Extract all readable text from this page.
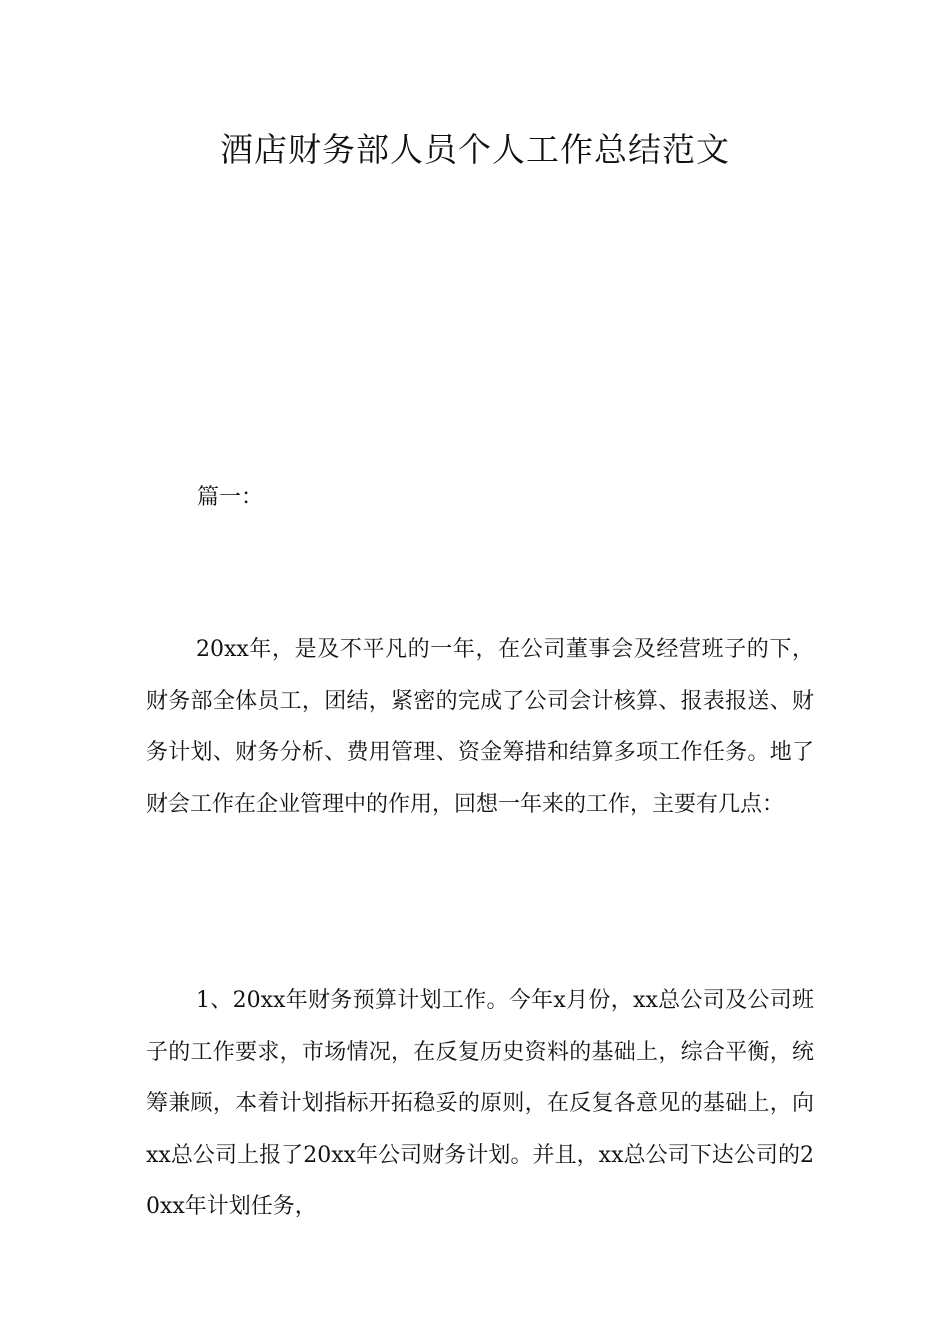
酒店财务部人员个人工作总结范文

篇一：

20xx年，是及不平凡的一年，在公司董事会及经营班子的下，财务部全体员工，团结，紧密的完成了公司会计核算、报表报送、财务计划、财务分析、费用管理、资金筹措和结算多项工作任务。地了财会工作在企业管理中的作用，回想一年来的工作，主要有几点：

1、20xx年财务预算计划工作。今年x月份，xx总公司及公司班子的工作要求，市场情况，在反复历史资料的基础上，综合平衡，统筹兼顾，本着计划指标开拓稳妥的原则，在反复各意见的基础上，向xx总公司上报了20xx年公司财务计划。并且，xx总公司下达公司的20xx年计划任务，
